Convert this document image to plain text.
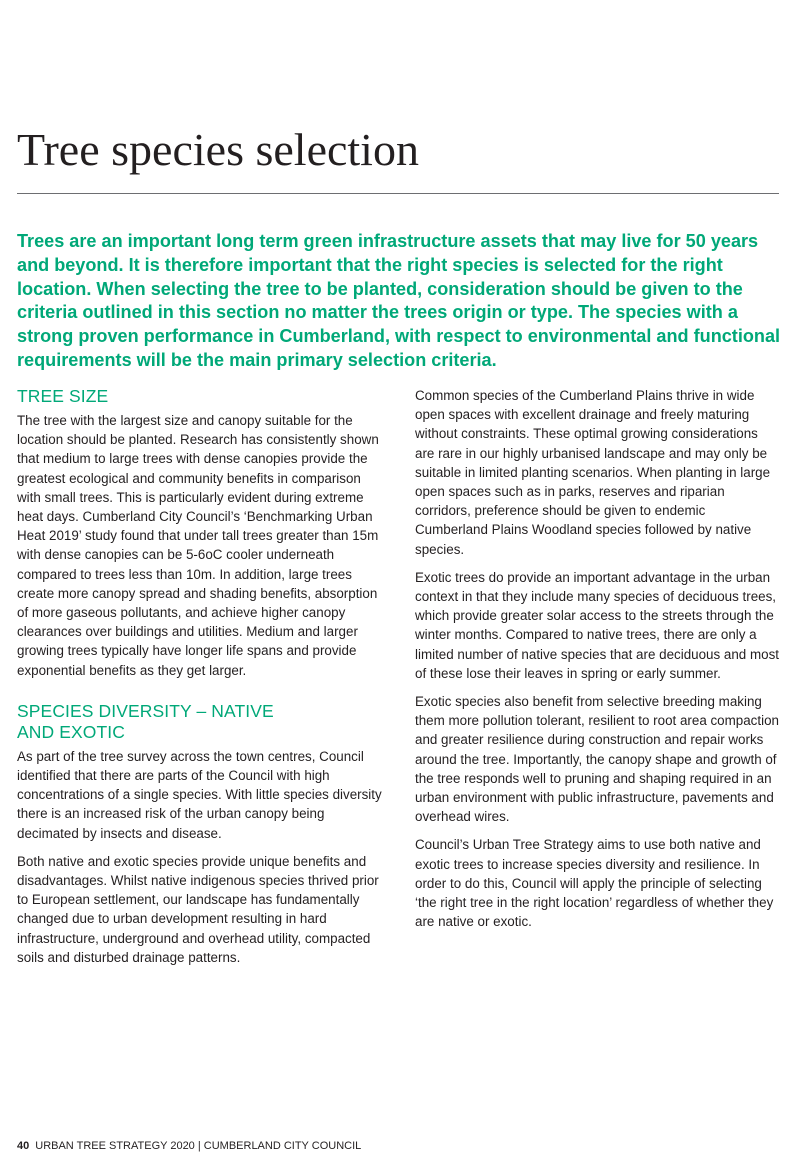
Tree species selection

Trees are an important long term green infrastructure assets that may live for 50 years and beyond. It is therefore important that the right species is selected for the right location. When selecting the tree to be planted, consideration should be given to the criteria outlined in this section no matter the trees origin or type. The species with a strong proven performance in Cumberland, with respect to environmental and functional requirements will be the main primary selection criteria.

TREE SIZE

The tree with the largest size and canopy suitable for the location should be planted. Research has consistently shown that medium to large trees with dense canopies provide the greatest ecological and community benefits in comparison with small trees. This is particularly evident during extreme heat days. Cumberland City Council’s ‘Benchmarking Urban Heat 2019’ study found that under tall trees greater than 15m with dense canopies can be 5-6oC cooler underneath compared to trees less than 10m. In addition, large trees create more canopy spread and shading benefits, absorption of more gaseous pollutants, and achieve higher canopy clearances over buildings and utilities. Medium and larger growing trees typically have longer life spans and provide exponential benefits as they get larger.

SPECIES DIVERSITY – NATIVE
AND EXOTIC

As part of the tree survey across the town centres, Council identified that there are parts of the Council with high concentrations of a single species. With little species diversity there is an increased risk of the urban canopy being decimated by insects and disease.

Both native and exotic species provide unique benefits and disadvantages. Whilst native indigenous species thrived prior to European settlement, our landscape has fundamentally changed due to urban development resulting in hard infrastructure, underground and overhead utility, compacted soils and disturbed drainage patterns.

Common species of the Cumberland Plains thrive in wide open spaces with excellent drainage and freely maturing without constraints. These optimal growing considerations are rare in our highly urbanised landscape and may only be suitable in limited planting scenarios. When planting in large open spaces such as in parks, reserves and riparian corridors, preference should be given to endemic Cumberland Plains Woodland species followed by native species.

Exotic trees do provide an important advantage in the urban context in that they include many species of deciduous trees, which provide greater solar access to the streets through the winter months. Compared to native trees, there are only a limited number of native species that are deciduous and most of these lose their leaves in spring or early summer.

Exotic species also benefit from selective breeding making them more pollution tolerant, resilient to root area compaction and greater resilience during construction and repair works around the tree. Importantly, the canopy shape and growth of the tree responds well to pruning and shaping required in an urban environment with public infrastructure, pavements and overhead wires.

Council’s Urban Tree Strategy aims to use both native and exotic trees to increase species diversity and resilience. In order to do this, Council will apply the principle of selecting ‘the right tree in the right location’ regardless of whether they are native or exotic.

40 URBAN TREE STRATEGY 2020 | CUMBERLAND CITY COUNCIL
